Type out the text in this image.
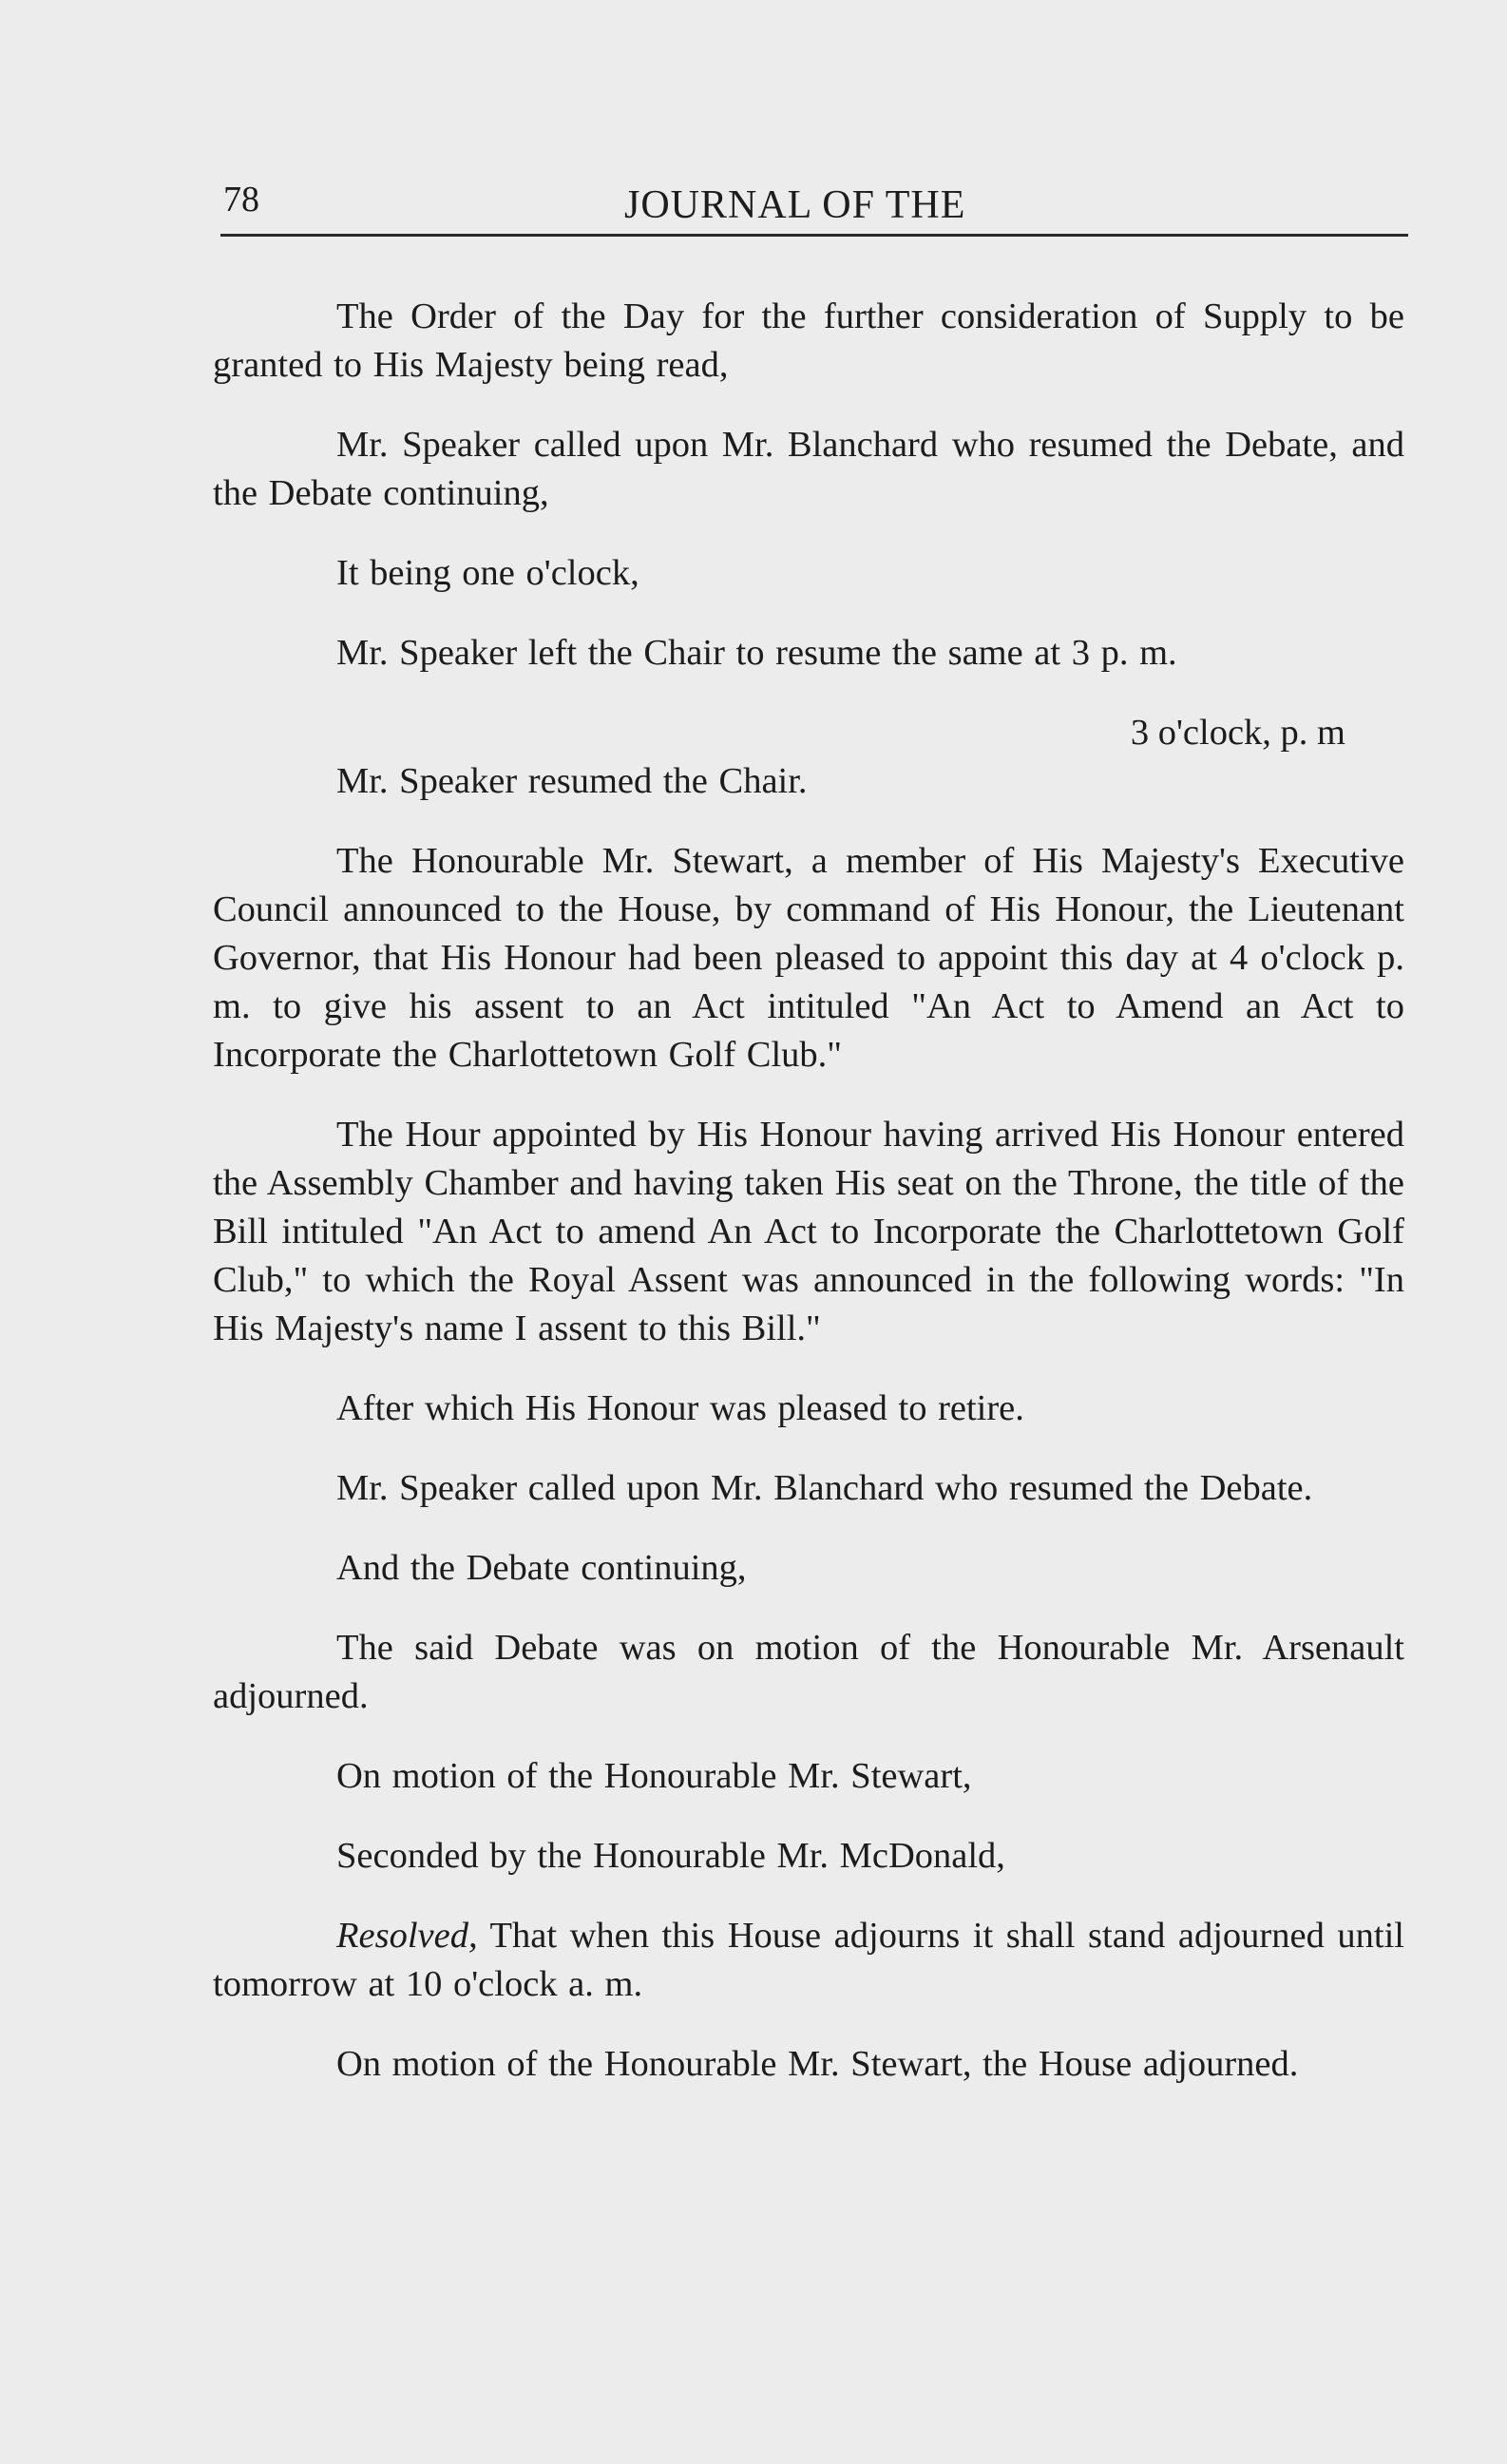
78	JOURNAL OF THE

The Order of the Day for the further consideration of Supply to be granted to His Majesty being read,

Mr. Speaker called upon Mr. Blanchard who resumed the Debate, and the Debate continuing,

It being one o'clock,

Mr. Speaker left the Chair to resume the same at 3 p. m.

3 o'clock, p. m

Mr. Speaker resumed the Chair.

The Honourable Mr. Stewart, a member of His Majesty's Executive Council announced to the House, by command of His Honour, the Lieutenant Governor, that His Honour had been pleased to appoint this day at 4 o'clock p. m. to give his assent to an Act intituled "An Act to Amend an Act to Incorporate the Charlottetown Golf Club."

The Hour appointed by His Honour having arrived His Honour entered the Assembly Chamber and having taken His seat on the Throne, the title of the Bill intituled "An Act to amend An Act to Incorporate the Charlottetown Golf Club," to which the Royal Assent was announced in the following words: "In His Majesty's name I assent to this Bill."

After which His Honour was pleased to retire.

Mr. Speaker called upon Mr. Blanchard who resumed the Debate.

And the Debate continuing,

The said Debate was on motion of the Honourable Mr. Arsenault adjourned.

On motion of the Honourable Mr. Stewart,

Seconded by the Honourable Mr. McDonald,

Resolved, That when this House adjourns it shall stand adjourned until tomorrow at 10 o'clock a. m.

On motion of the Honourable Mr. Stewart, the House adjourned.
